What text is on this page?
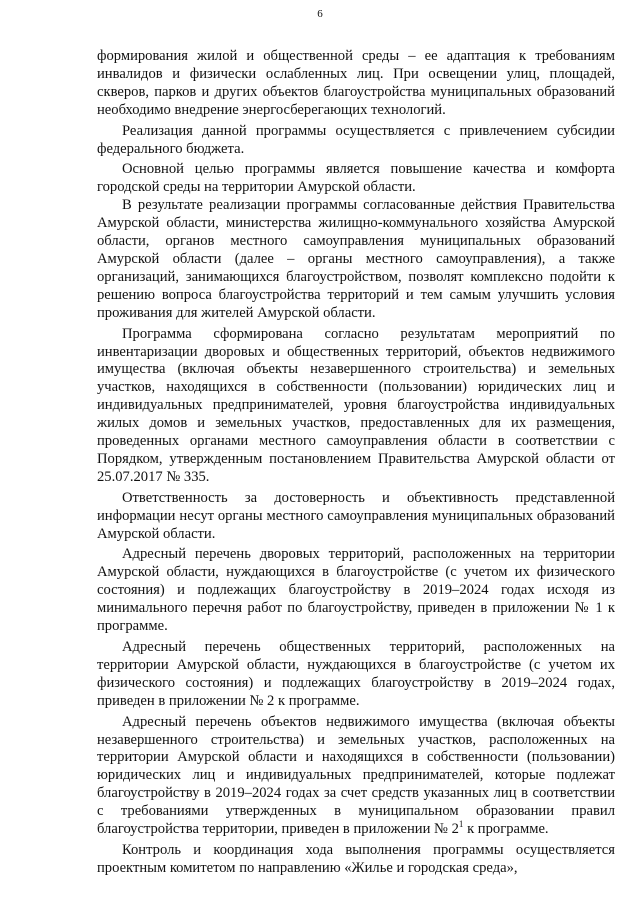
6

формирования жилой и общественной среды – ее адаптация к требованиям инвалидов и физически ослабленных лиц. При освещении улиц, площадей, скверов, парков и других объектов благоустройства муниципальных образований необходимо внедрение энергосберегающих технологий.

Реализация данной программы осуществляется с привлечением субсидии федерального бюджета.

Основной целью программы является повышение качества и комфорта городской среды на территории Амурской области.

В результате реализации программы согласованные действия Правительства Амурской области, министерства жилищно-коммунального хозяйства Амурской области, органов местного самоуправления муниципальных образований Амурской области (далее – органы местного самоуправления), а также организаций, занимающихся благоустройством, позволят комплексно подойти к решению вопроса благоустройства территорий и тем самым улучшить условия проживания для жителей Амурской области.

Программа сформирована согласно результатам мероприятий по инвентаризации дворовых и общественных территорий, объектов недвижимого имущества (включая объекты незавершенного строительства) и земельных участков, находящихся в собственности (пользовании) юридических лиц и индивидуальных предпринимателей, уровня благоустройства индивидуальных жилых домов и земельных участков, предоставленных для их размещения, проведенных органами местного самоуправления области в соответствии с Порядком, утвержденным постановлением Правительства Амурской области от 25.07.2017 № 335.

Ответственность за достоверность и объективность представленной информации несут органы местного самоуправления муниципальных образований Амурской области.

Адресный перечень дворовых территорий, расположенных на территории Амурской области, нуждающихся в благоустройстве (с учетом их физического состояния) и подлежащих благоустройству в 2019–2024 годах исходя из минимального перечня работ по благоустройству, приведен в приложении № 1 к программе.

Адресный перечень общественных территорий, расположенных на территории Амурской области, нуждающихся в благоустройстве (с учетом их физического состояния) и подлежащих благоустройству в 2019–2024 годах, приведен в приложении № 2 к программе.

Адресный перечень объектов недвижимого имущества (включая объекты незавершенного строительства) и земельных участков, расположенных на территории Амурской области и находящихся в собственности (пользовании) юридических лиц и индивидуальных предпринимателей, которые подлежат благоустройству в 2019–2024 годах за счет средств указанных лиц в соответствии с требованиями утвержденных в муниципальном образовании правил благоустройства территории, приведен в приложении № $2^1$ к программе.

Контроль и координация хода выполнения программы осуществляется проектным комитетом по направлению «Жилье и городская среда»,
